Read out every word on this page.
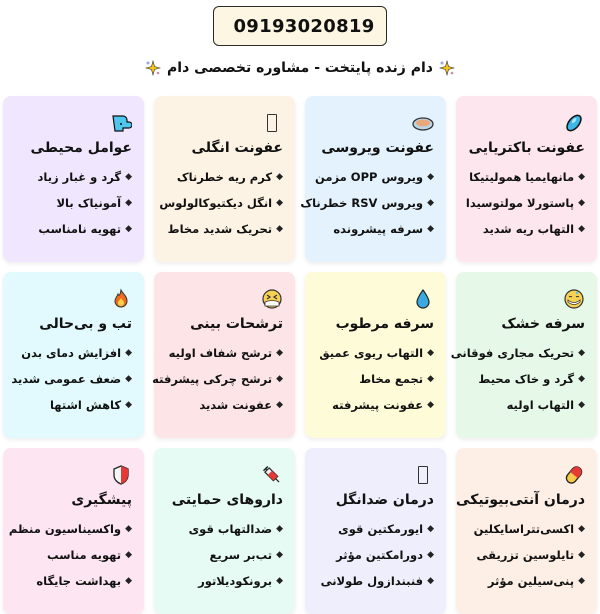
09193020819
دام زنده پایتخت - مشاوره تخصصی دام
عفونت باکتریایی
◆
مانهایمیا همولیتیکا
◆
پاستورلا مولتوسیدا
◆
التهاب ریه شدید
عفونت ویروسی
◆
ویروس OPP مزمن
◆
ویروس RSV خطرناک
◆
سرفه پیشرونده
عفونت انگلی
◆
کرم ریه خطرناک
◆
انگل دیکتیوکالولوس
◆
تحریک شدید مخاط
عوامل محیطی
◆
گرد و غبار زیاد
◆
آمونیاک بالا
◆
تهویه نامناسب
سرفه خشک
◆
تحریک مجاری فوقانی
◆
گرد و خاک محیط
◆
التهاب اولیه
سرفه مرطوب
◆
التهاب ریوی عمیق
◆
تجمع مخاط
◆
عفونت پیشرفته
ترشحات بینی
◆
ترشح شفاف اولیه
◆
ترشح چرکی پیشرفته
◆
عفونت شدید
تب و بی‌حالی
◆
افزایش دمای بدن
◆
ضعف عمومی شدید
◆
کاهش اشتها
درمان آنتی‌بیوتیکی
◆
اکسی‌تتراسایکلین
◆
تایلوسین تزریقی
◆
پنی‌سیلین مؤثر
درمان ضدانگل
◆
ایورمکتین قوی
◆
دورامکتین مؤثر
◆
فنبندازول طولانی
داروهای حمایتی
◆
ضدالتهاب قوی
◆
تب‌بر سریع
◆
برونکودیلاتور
پیشگیری
◆
واکسیناسیون منظم
◆
تهویه مناسب
◆
بهداشت جایگاه
